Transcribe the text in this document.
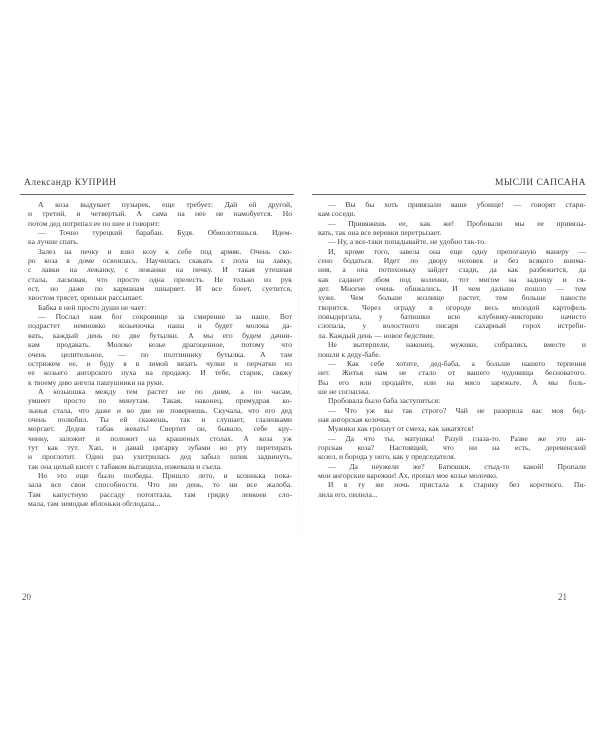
Александр КУПРИН
А коза выдувает пузырек, еще требует: Дай ей другой,
и третий, и четвертый. А сама на нее не намобуется. Но
потом дед потрепал ее по шее и говорит:
— Точно турецкий барабан. Будя. Обмолотишься. Идем-
ка лучше спать.
Залез на печку и взял козу к себе под армяк. Очень ско-
ро коза в доме освоилась. Научилась скакать с пола на лавку,
с лавки на лежанку, с лежанки на печку. И такая утешная
стала, ласковая, что просто одна прелесть. Не только из рук
ест, но даже по карманам шныряет. И все блеет, суетится,
хвостом трясет, ореньки рассыпает.
Бабка в ней просто души не чает:
— Послал нам бог сокровище за смирение за наше. Вот
подрастет немножко козьеночка наша и будет молока да-
вать, каждый день по две бутылки. А мы его будем дачни-
кам продавать. Молоко козье драгоценное, потому что
очень целительное, — по полтиннику бутылка. А там
острижем ее, и буду я в зимой вязать чулки и перчатки из
ее козьего ангорского пуха на продажу. И тебе, старик, свяжу
к твоему дню ангела пашушники на руки.
А козьюшка между тем растет не по дням, а по часам,
умнеет просто по минутам. Такая, наконец, премудрая ко-
зынья стала, что даже и во две не повернешь. Скучала, что его дед
очень полюбил. Ты ей скажешь, так и слушает, глазенками
моргает. Дедов табак жевать! Свертит он, бывало, себе кру-
чинку, заложит и положит на крашеных столах. А коза уж
тут как тут. Хап, и давай цигарку зубами во рту перетирать
и проглотит. Один раз ухитрилась дед забыл шпик задвинуть,
так она целый кисет с табаком вытащила, изжевала и съела.
Но это еще было полбеды. Пришло лето, и козинька пока-
зала все свои способности. Что ни день, то ни все жалоба.
Там капустную рассаду потоптала, там грядку левкоев сло-
мала, там зимодые яблоньки обглодала...
МЫСЛИ САПСАНА
— Вы бы хоть привязали ваше убоище! — говорят стари-
кам соседи.
— Привяжешь ее, как же! Пробовали мы ее привязы-
вать, так она все веревки перетрызает.
— Ну, а все-таки попадывайте, не удобно так-то.
И, кроме того, завела она еще одну препоганую манеру —
сено бодаться. Идет по двору человек и без всякого внима-
ния, а она потихоньку зайдет сзади, да как разбежится, да
как саданет лбом под коленки, тот мигом на задницу и ся-
дет. Многие очень обижались. И чем дальше пошло — тем
хуже. Чем больше козлище растет, тем больше пакости
творится. Через ограду в огороде весь молодой картофель
повыдергала, у батюшки всю клубнику-викторию начисто
слопала, у волостного писаря сахарный горох истреби-
ла. Каждый день — новое бедствие.
Не вытерпели, наконец, мужики, собрались вместе и
пошли к деду-бабе.
— Как себе хотите, дед-баба, а больше нашего терпения
нет. Житья нам не стало от вашего чудовища бесноватого.
Вы его или продайте, или на мясо зарежьте. А мы боль-
ше не согласны.
Пробовала было баба заступиться:
— Что уж вы так строго? Чай не разорила вас моя бед-
ная ангорская козочка.
Мужики как грохнут от смеха, как закатятся!
— Да что ты, матушка! Разуй глаза-то. Разве же это ан-
горская коза? Настоящий, что ни на есть, деревенский
козел, и борода у него, как у председателя.
— Да неужели же? Батюшки, стыд-то какой! Пропали
мои ангорские варежки! Ах, пропал мое козье молочко.
И в ту же ночь пристала к старику без короткого. Пи-
лила его, пилила...
20	21
